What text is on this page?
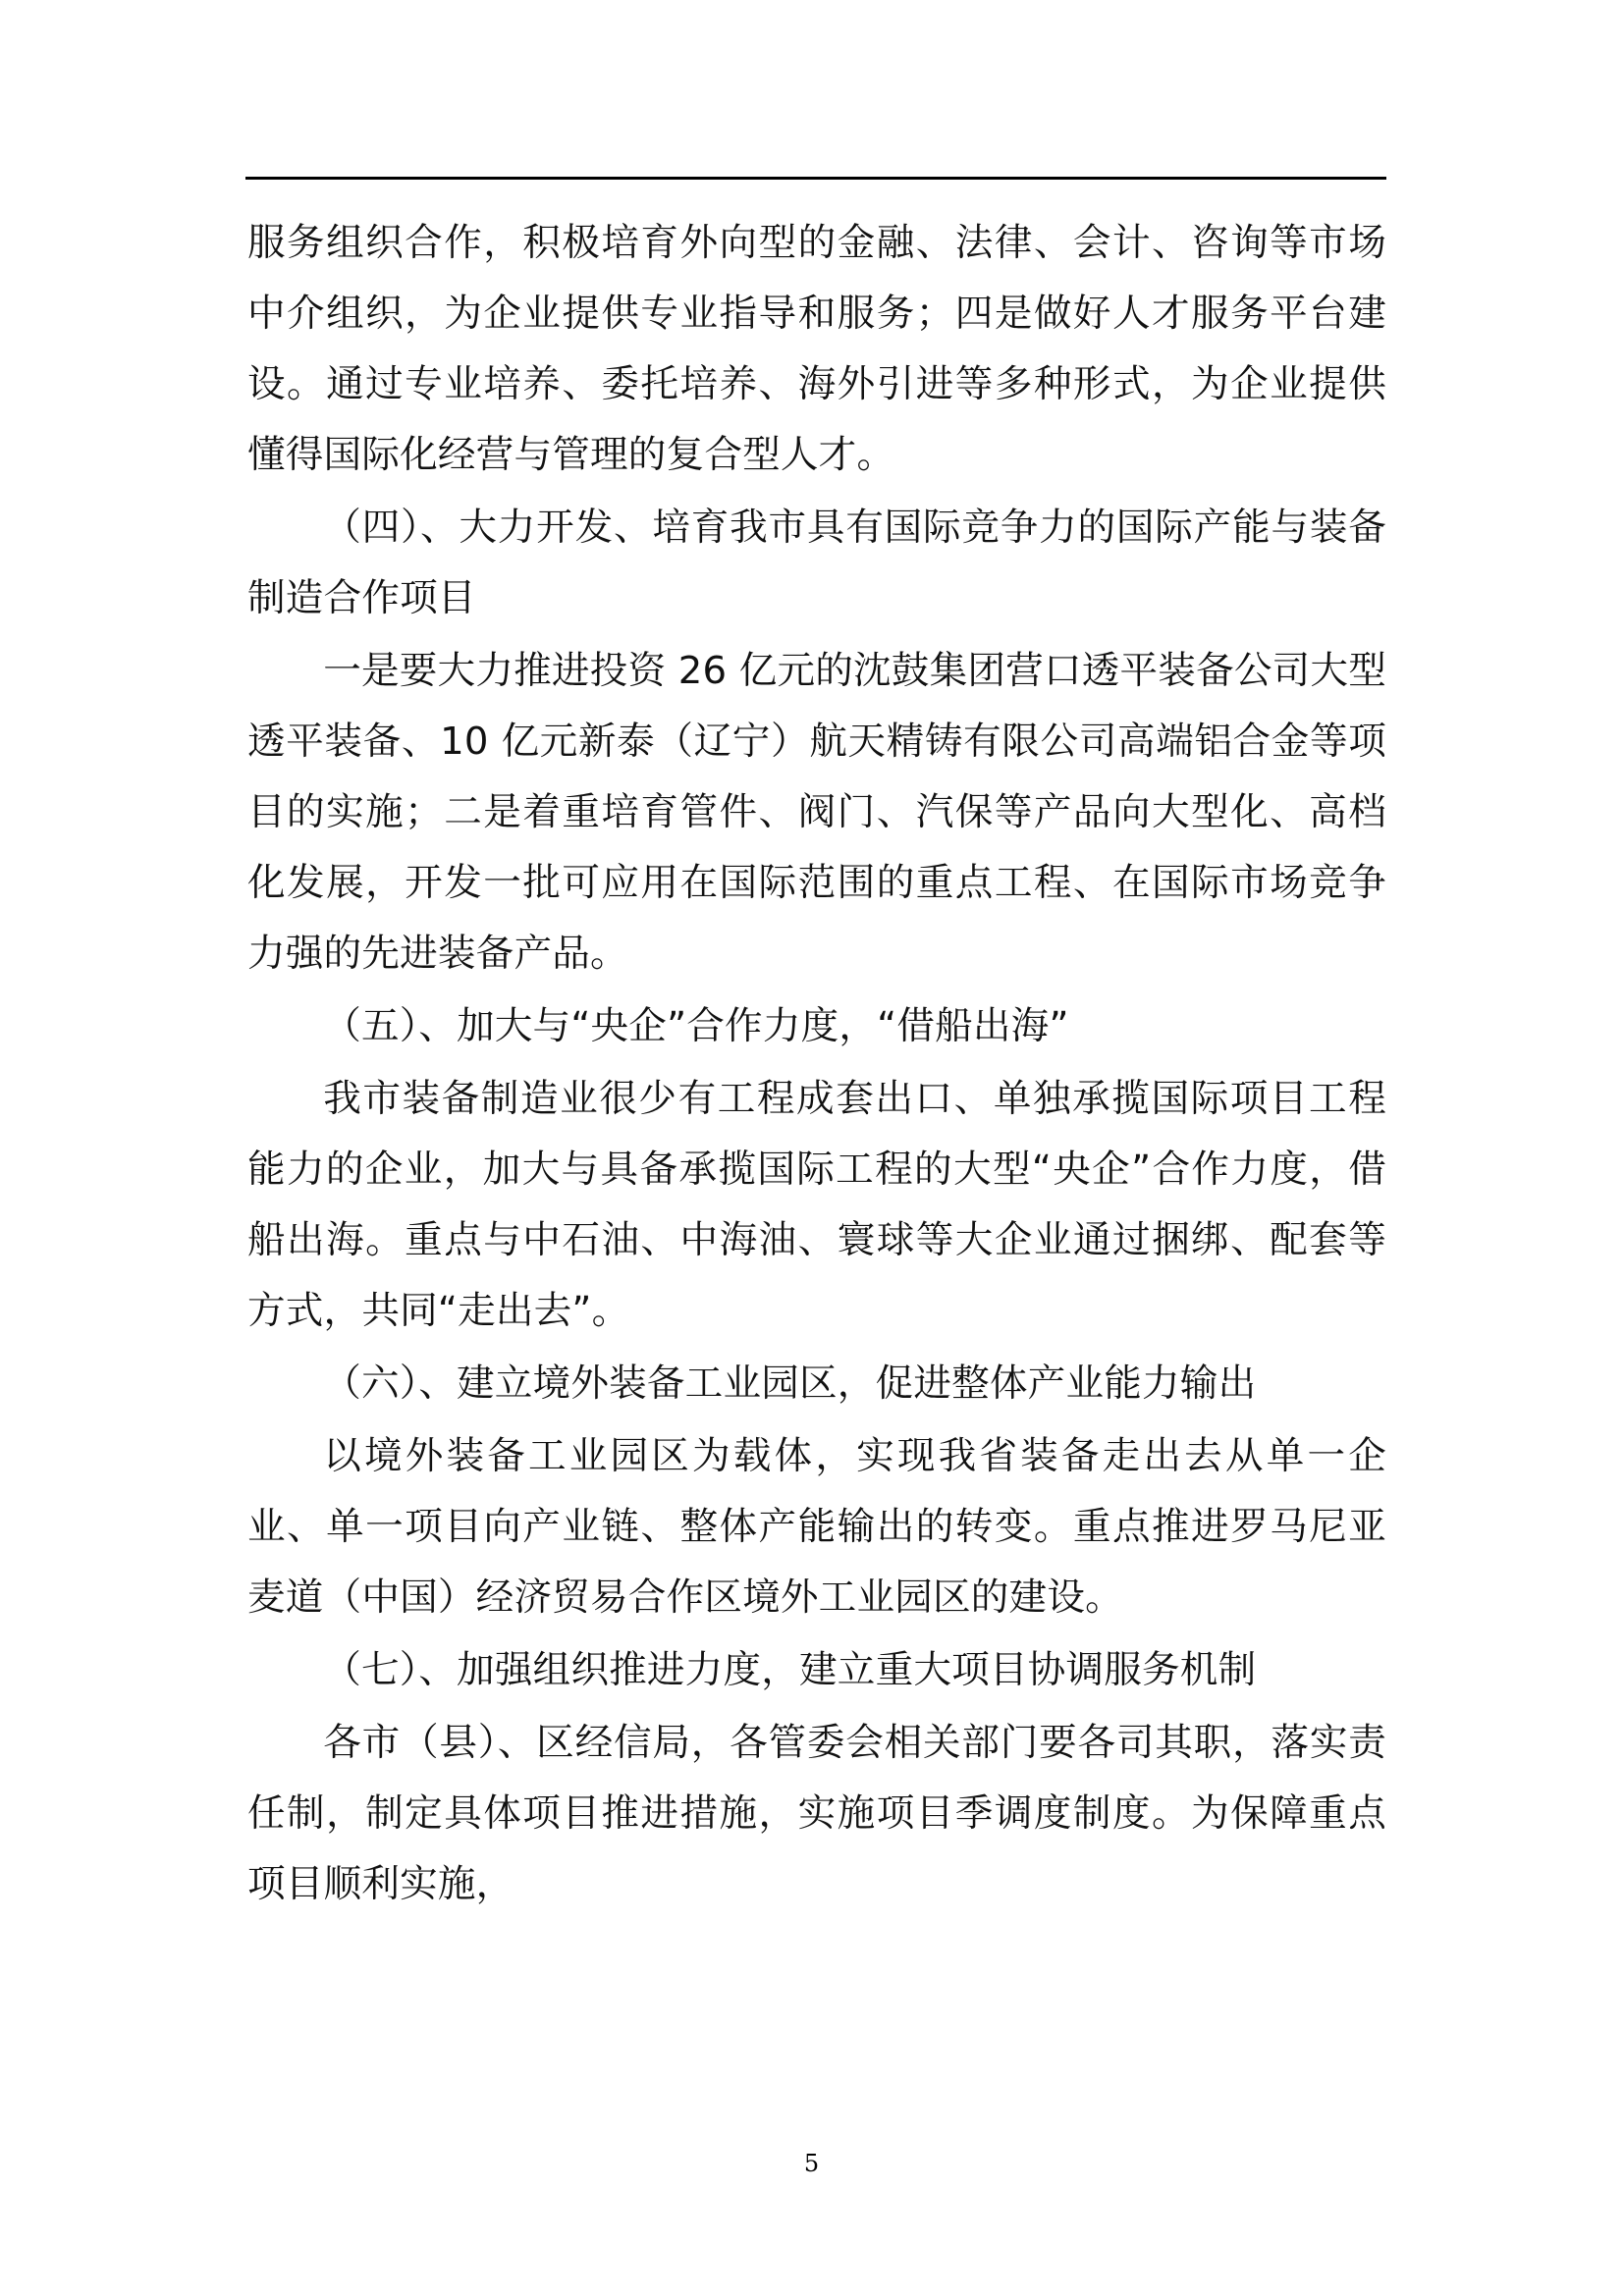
服务组织合作，积极培育外向型的金融、法律、会计、咨询等市场中介组织，为企业提供专业指导和服务；四是做好人才服务平台建设。通过专业培养、委托培养、海外引进等多种形式，为企业提供懂得国际化经营与管理的复合型人才。

（四）、大力开发、培育我市具有国际竞争力的国际产能与装备制造合作项目

一是要大力推进投资 26 亿元的沈鼓集团营口透平装备公司大型透平装备、10 亿元新泰（辽宁）航天精铸有限公司高端铝合金等项目的实施；二是着重培育管件、阀门、汽保等产品向大型化、高档化发展，开发一批可应用在国际范围的重点工程、在国际市场竞争力强的先进装备产品。

（五）、加大与“央企”合作力度，“借船出海”

我市装备制造业很少有工程成套出口、单独承揽国际项目工程能力的企业，加大与具备承揽国际工程的大型“央企”合作力度，借船出海。重点与中石油、中海油、寰球等大企业通过捆绑、配套等方式，共同“走出去”。

（六）、建立境外装备工业园区，促进整体产业能力输出

以境外装备工业园区为载体，实现我省装备走出去从单一企业、单一项目向产业链、整体产能输出的转变。重点推进罗马尼亚麦道（中国）经济贸易合作区境外工业园区的建设。

（七）、加强组织推进力度，建立重大项目协调服务机制

各市（县）、区经信局，各管委会相关部门要各司其职，落实责任制，制定具体项目推进措施，实施项目季调度制度。为保障重点项目顺利实施，

5
